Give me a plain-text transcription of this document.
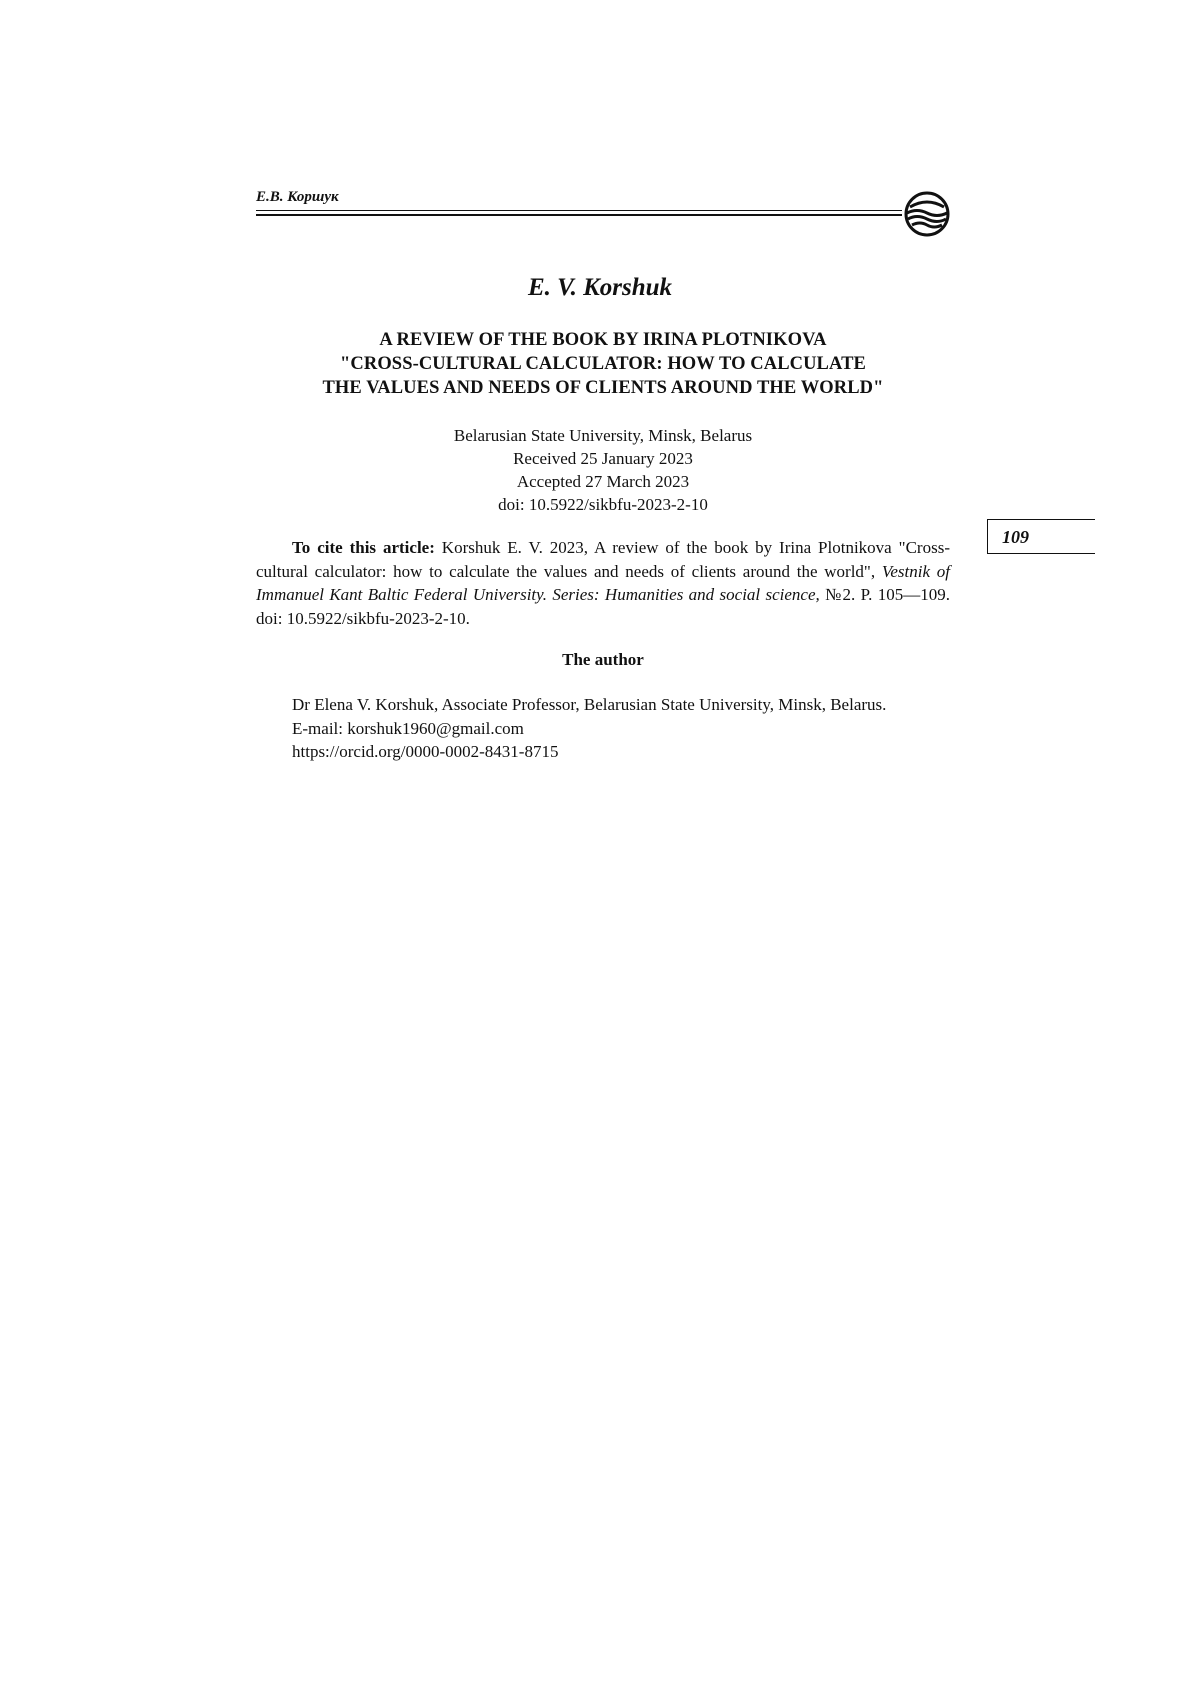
Е.В. Коршук
E. V. Korshuk
A REVIEW OF THE BOOK BY IRINA PLOTNIKOVA
"CROSS-CULTURAL CALCULATOR: HOW TO CALCULATE
THE VALUES AND NEEDS OF CLIENTS AROUND THE WORLD"
Belarusian State University, Minsk, Belarus
Received 25 January 2023
Accepted 27 March 2023
doi: 10.5922/sikbfu-2023-2-10
109

To cite this article: Korshuk E. V. 2023, A review of the book by Irina Plotnikova "Cross-cultural calculator: how to calculate the values and needs of clients around the world", Vestnik of Immanuel Kant Baltic Federal University. Series: Humanities and social science, №2. P. 105—109. doi: 10.5922/sikbfu-2023-2-10.

The author

Dr Elena V. Korshuk, Associate Professor, Belarusian State University, Minsk, Belarus.

E-mail: korshuk1960@gmail.com

https://orcid.org/0000-0002-8431-8715
